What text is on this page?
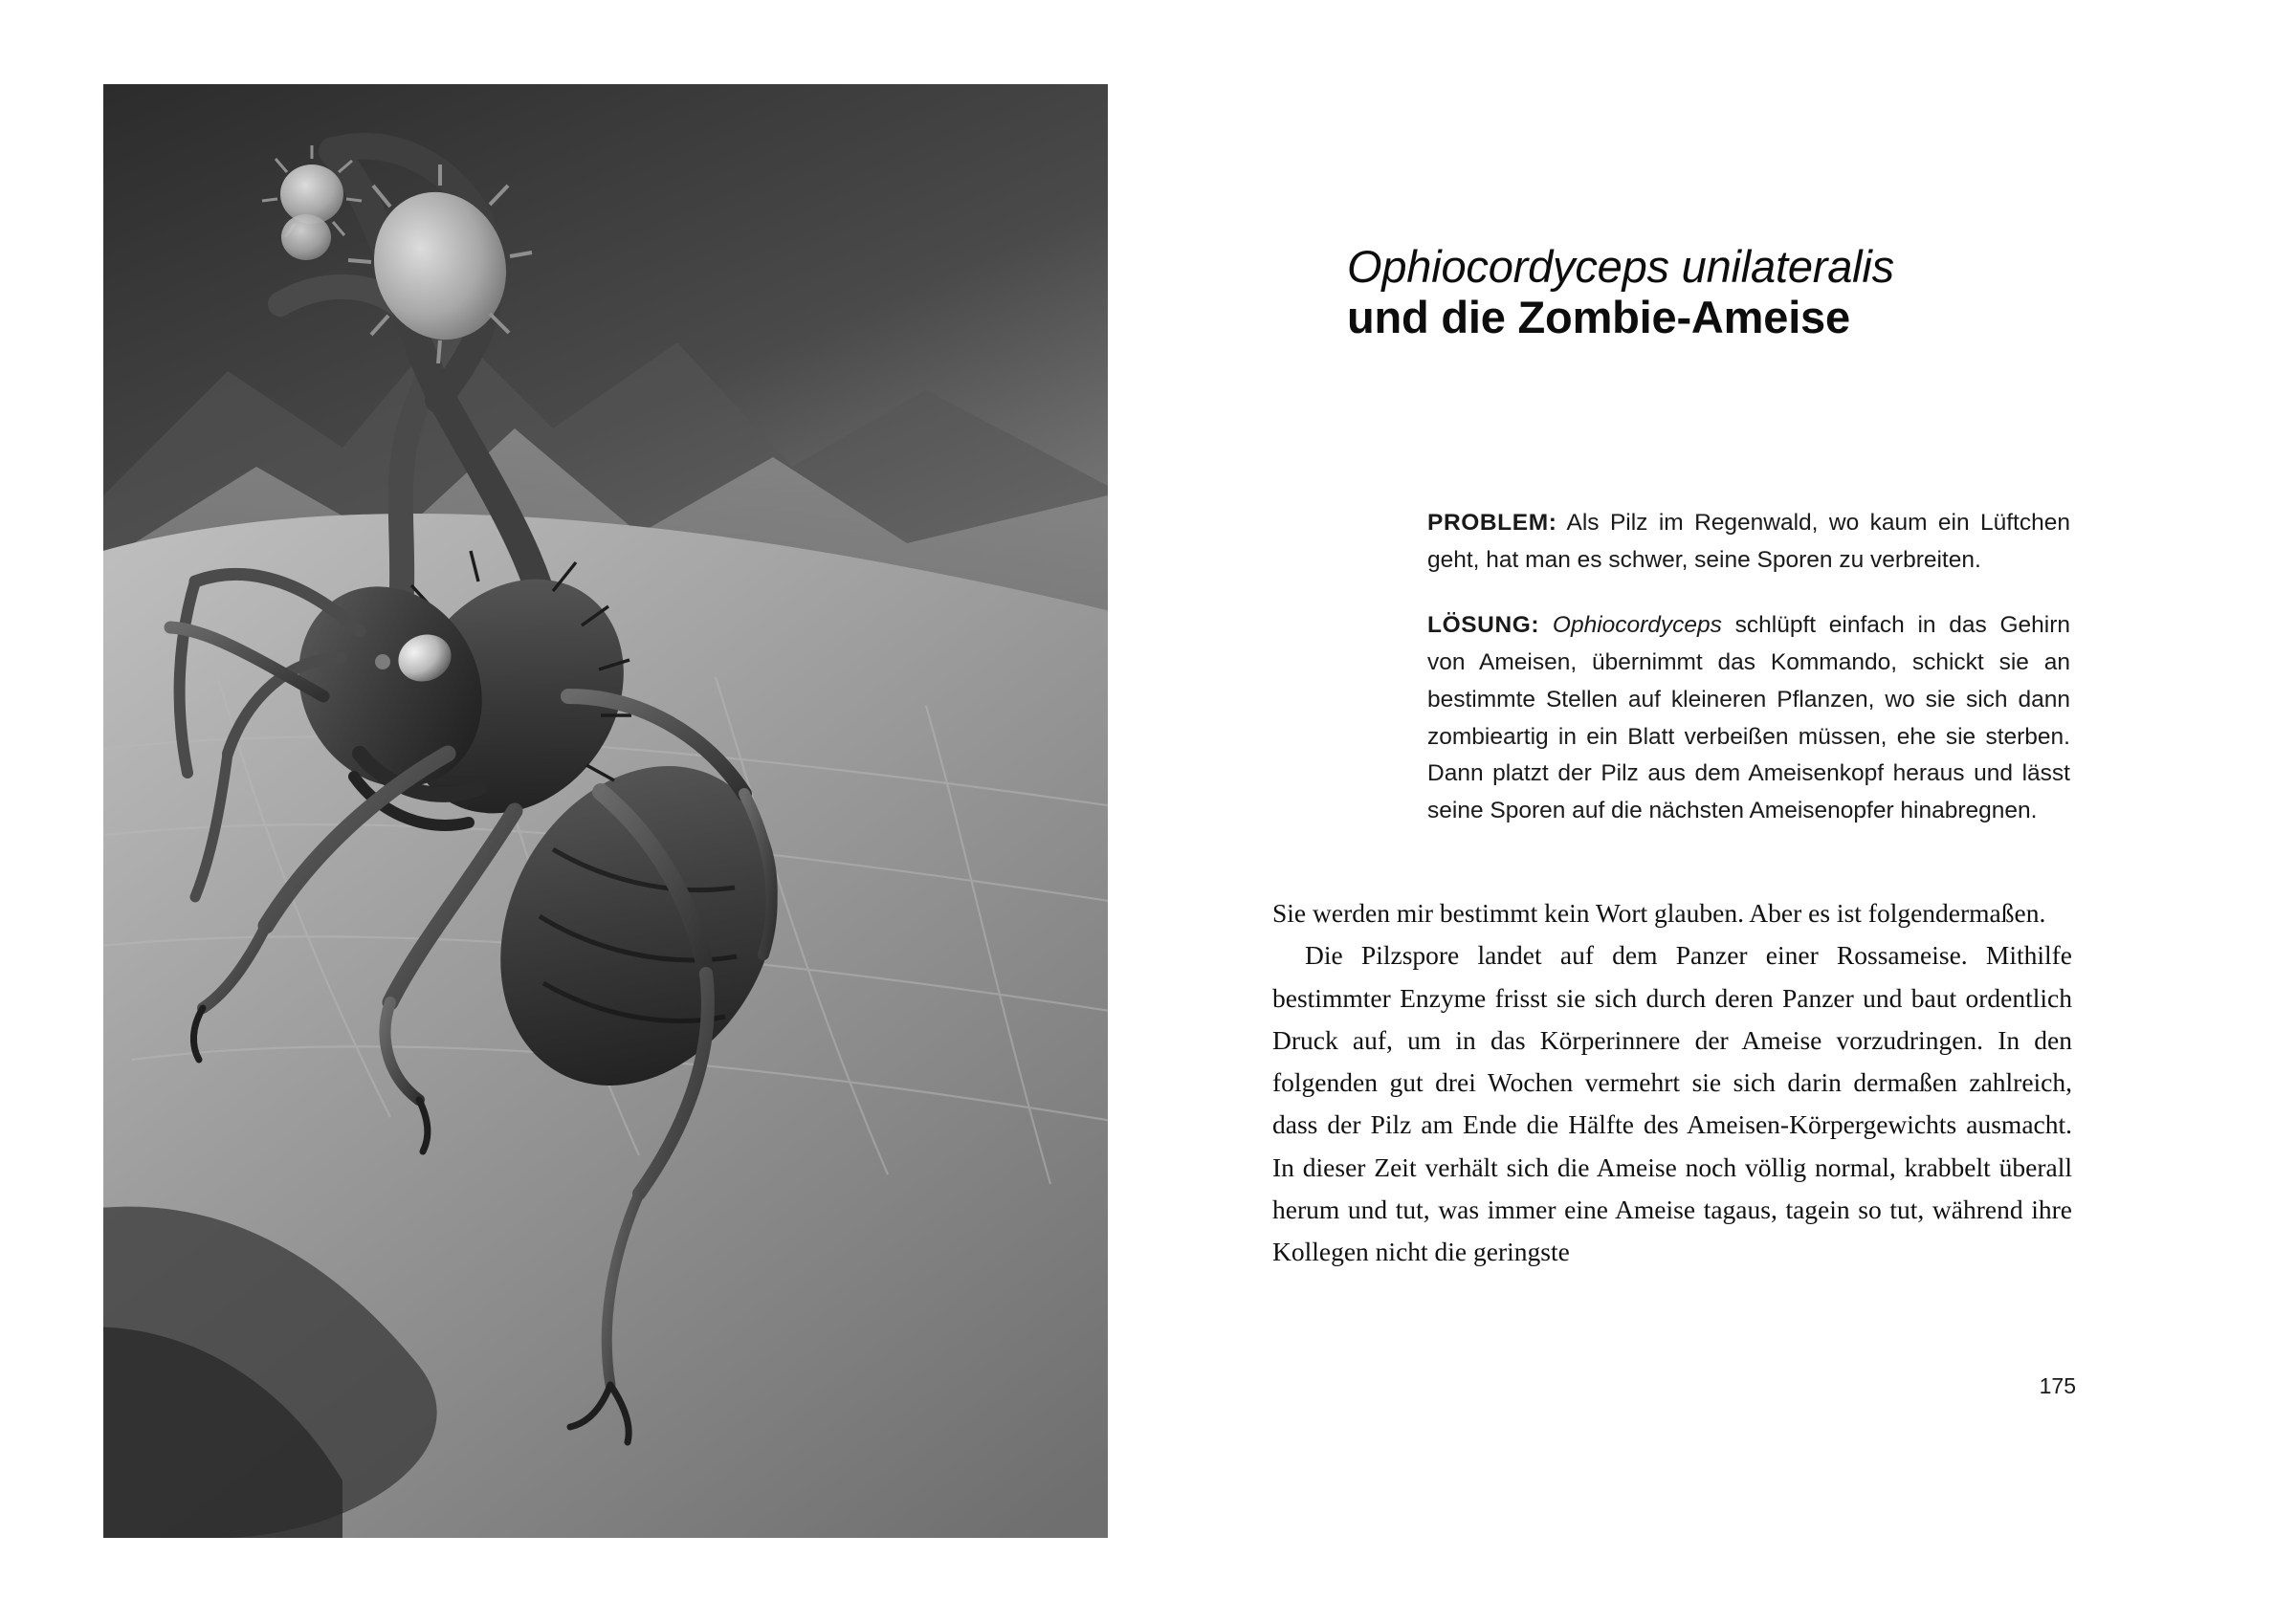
Ophiocordyceps unilateralis
und die Zombie-Ameise

PROBLEM: Als Pilz im Regenwald, wo kaum ein Lüftchen geht, hat man es schwer, seine Sporen zu verbreiten.

LÖSUNG: Ophiocordyceps schlüpft einfach in das Gehirn von Ameisen, übernimmt das Kommando, schickt sie an bestimmte Stellen auf kleineren Pflanzen, wo sie sich dann zombieartig in ein Blatt verbeißen müssen, ehe sie sterben. Dann platzt der Pilz aus dem Ameisenkopf heraus und lässt seine Sporen auf die nächsten Ameisenopfer hinabregnen.

Sie werden mir bestimmt kein Wort glauben. Aber es ist folgendermaßen.

Die Pilzspore landet auf dem Panzer einer Rossameise. Mithilfe bestimmter Enzyme frisst sie sich durch deren Panzer und baut ordentlich Druck auf, um in das Körperinnere der Ameise vorzudringen. In den folgenden gut drei Wochen vermehrt sie sich darin dermaßen zahlreich, dass der Pilz am Ende die Hälfte des Ameisen-Körpergewichts ausmacht. In dieser Zeit verhält sich die Ameise noch völlig normal, krabbelt überall herum und tut, was immer eine Ameise tagaus, tagein so tut, während ihre Kollegen nicht die geringste

175
